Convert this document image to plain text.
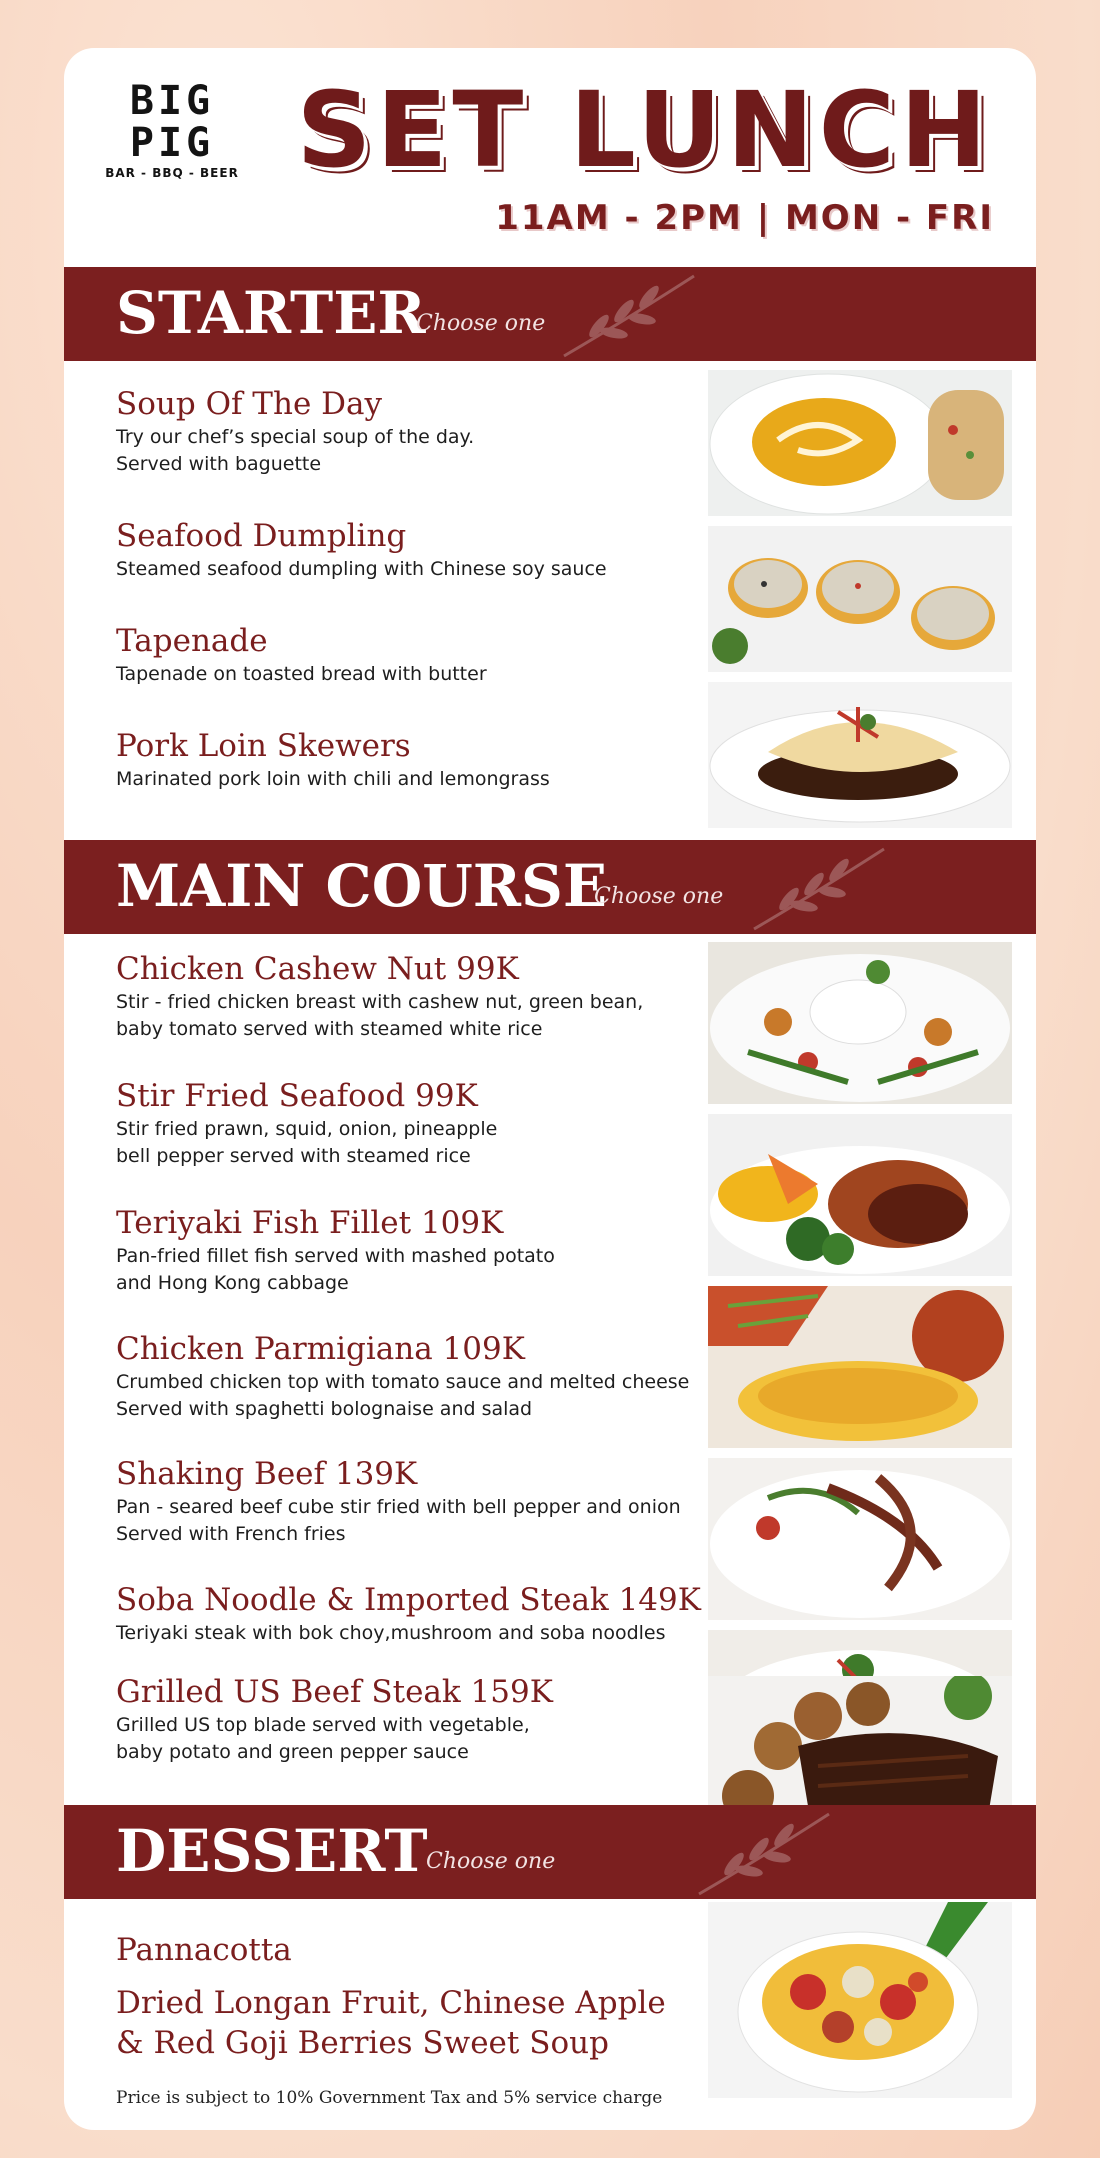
BIG
PIG
BAR - BBQ - BEER SET LUNCH
11AM - 2PM | MON - FRI
STARTER
Choose one
Soup Of The Day
Try our chef’s special soup of the day.
Served with baguette
Seafood Dumpling
Steamed seafood dumpling with Chinese soy sauce
Tapenade
Tapenade on toasted bread with butter
Pork Loin Skewers
Marinated pork loin with chili and lemongrass
MAIN COURSE
Choose one
Chicken Cashew Nut 99K
Stir - fried chicken breast with cashew nut, green bean,
baby tomato served with steamed white rice
Stir Fried Seafood 99K
Stir fried prawn, squid, onion, pineapple
bell pepper served with steamed rice
Teriyaki Fish Fillet 109K
Pan-fried fillet fish served with mashed potato
and Hong Kong cabbage
Chicken Parmigiana 109K
Crumbed chicken top with tomato sauce and melted cheese
Served with spaghetti bolognaise and salad
Shaking Beef 139K
Pan - seared beef cube stir fried with bell pepper and onion
Served with French fries
Soba Noodle & Imported Steak 149K
Teriyaki steak with bok choy,mushroom and soba noodles
Grilled US Beef Steak 159K
Grilled US top blade served with vegetable,
baby potato and green pepper sauce
DESSERT
Choose one
Pannacotta
Dried Longan Fruit, Chinese Apple
& Red Goji Berries Sweet Soup
Price is subject to 10% Government Tax and 5% service charge
